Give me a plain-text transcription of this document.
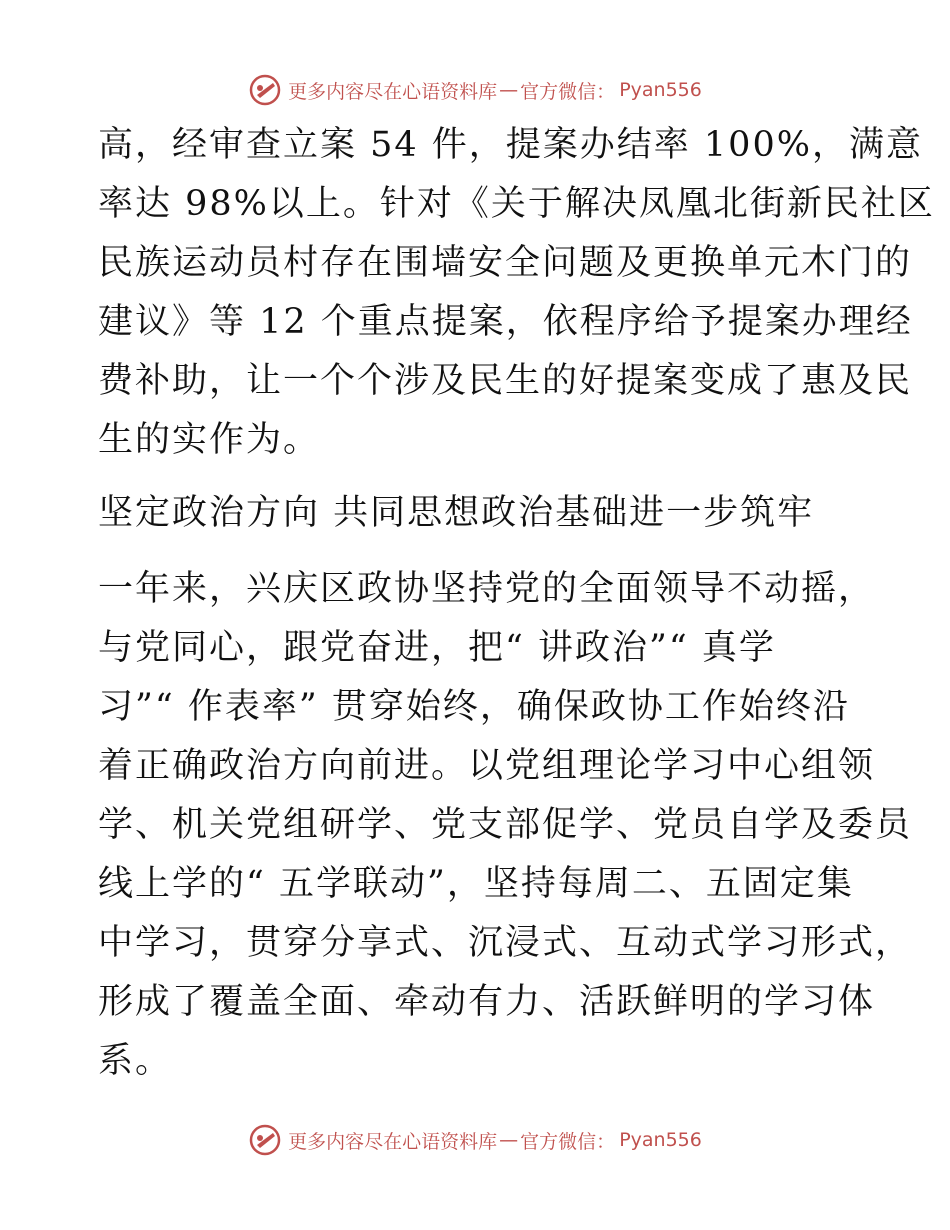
更多内容尽在心语资料库 — 官方微信： Pyan556
高，经审查立案 54 件，提案办结率 100%，满意
率达 98%以上。针对《关于解决凤凰北街新民社区
民族运动员村存在围墙安全问题及更换单元木门的
建议》等 12 个重点提案，依程序给予提案办理经
费补助，让一个个涉及民生的好提案变成了惠及民
生的实作为。
坚定政治方向 共同思想政治基础进一步筑牢
一年来，兴庆区政协坚持党的全面领导不动摇，
与党同心，跟党奋进，把“ 讲政治”“ 真学
习”“ 作表率” 贯穿始终，确保政协工作始终沿
着正确政治方向前进。以党组理论学习中心组领
学、机关党组研学、党支部促学、党员自学及委员
线上学的“ 五学联动”，坚持每周二、五固定集
中学习，贯穿分享式、沉浸式、互动式学习形式，
形成了覆盖全面、牵动有力、活跃鲜明的学习体
系。
更多内容尽在心语资料库 — 官方微信： Pyan556
